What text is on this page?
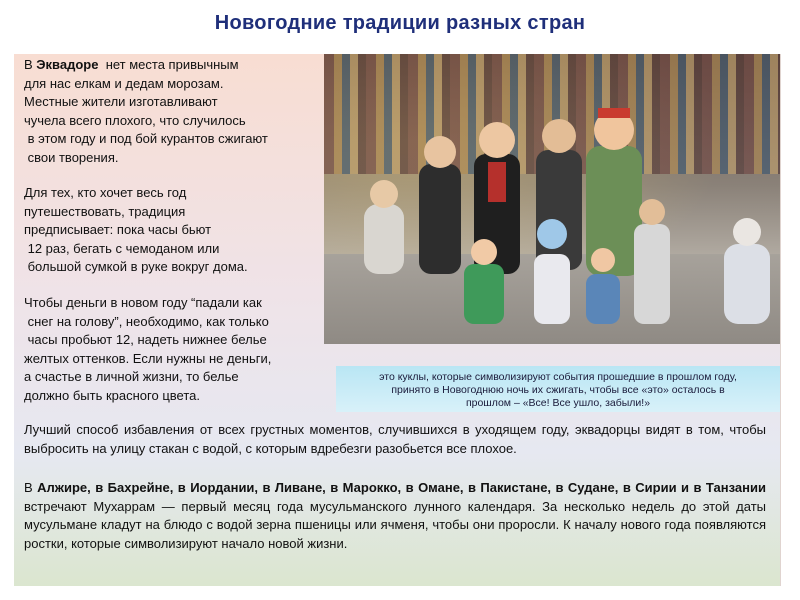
Новогодние традиции разных стран
В Эквадоре  нет места привычным
для нас елкам и дедам морозам.
Местные жители изготавливают
чучела всего плохого, что случилось
в этом году и под бой курантов сжигают
свои творения.
Для тех, кто хочет весь год
путешествовать, традиция
предписывает: пока часы бьют
12 раз, бегать с чемоданом или
большой сумкой в руке вокруг дома.
Чтобы деньги в новом году “падали как
снег на голову”, необходимо, как только
часы пробьют 12, надеть нижнее белье
желтых оттенков. Если нужны не деньги,
а счастье в личной жизни, то белье
должно быть красного цвета.
это куклы, которые символизируют события прошедшие в прошлом году,
принято в Новогоднюю ночь их сжигать, чтобы все «это» осталось в
прошлом – «Все! Все ушло, забыли!»

Лучший способ избавления от всех грустных моментов, случившихся в уходящем году, эквадорцы видят в том, чтобы выбросить на улицу стакан с водой, с которым вдребезги разобьется все плохое.

В Алжире, в Бахрейне, в Иордании, в Ливане, в Марокко, в Омане, в Пакистане, в Судане, в Сирии и в Танзании встречают Мухаррам — первый месяц года мусульманского лунного календаря. За несколько недель до этой даты мусульмане кладут на блюдо с водой зерна пшеницы или ячменя, чтобы они проросли. К началу нового года появляются ростки, которые символизируют начало новой жизни.
